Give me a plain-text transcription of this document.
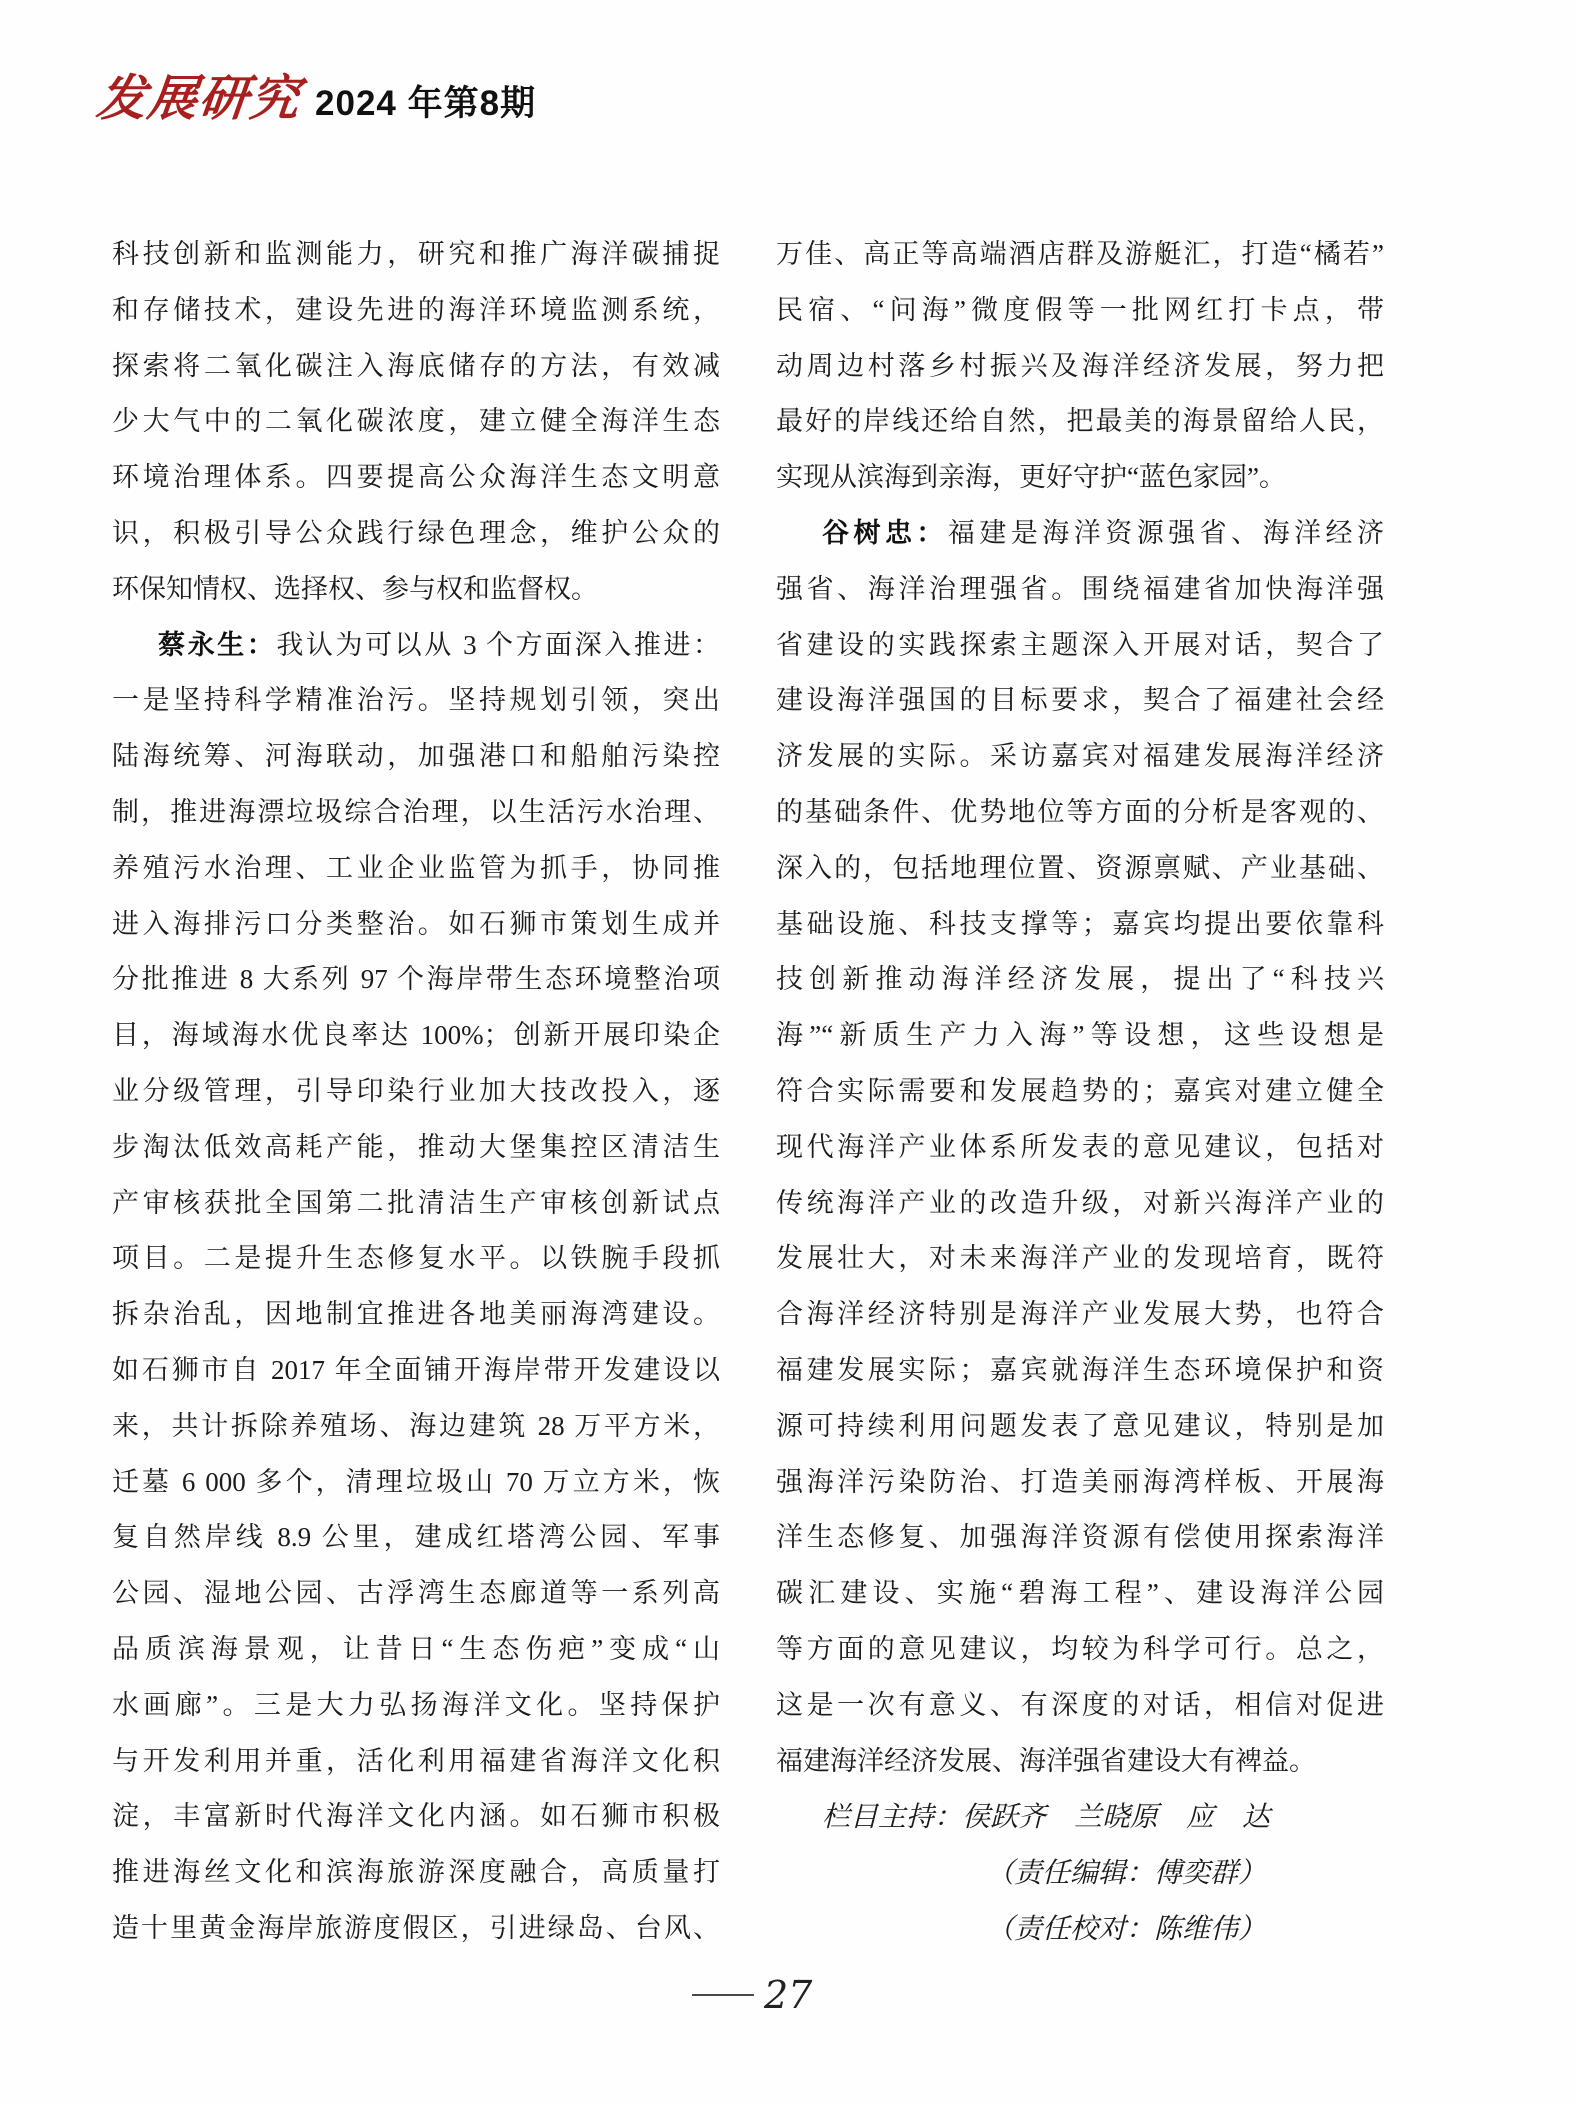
发展研究 2024 年第8期
科技创新和监测能力，研究和推广海洋碳捕捉
和存储技术，建设先进的海洋环境监测系统，
探索将二氧化碳注入海底储存的方法，有效减
少大气中的二氧化碳浓度，建立健全海洋生态
环境治理体系。四要提高公众海洋生态文明意
识，积极引导公众践行绿色理念，维护公众的
环保知情权、选择权、参与权和监督权。
蔡永生：我认为可以从 3 个方面深入推进：
一是坚持科学精准治污。坚持规划引领，突出
陆海统筹、河海联动，加强港口和船舶污染控
制，推进海漂垃圾综合治理，以生活污水治理、
养殖污水治理、工业企业监管为抓手，协同推
进入海排污口分类整治。如石狮市策划生成并
分批推进 8 大系列 97 个海岸带生态环境整治项
目，海域海水优良率达 100%；创新开展印染企
业分级管理，引导印染行业加大技改投入，逐
步淘汰低效高耗产能，推动大堡集控区清洁生
产审核获批全国第二批清洁生产审核创新试点
项目。二是提升生态修复水平。以铁腕手段抓
拆杂治乱，因地制宜推进各地美丽海湾建设。
如石狮市自 2017 年全面铺开海岸带开发建设以
来，共计拆除养殖场、海边建筑 28 万平方米，
迁墓 6 000 多个，清理垃圾山 70 万立方米，恢
复自然岸线 8.9 公里，建成红塔湾公园、军事
公园、湿地公园、古浮湾生态廊道等一系列高
品质滨海景观，让昔日“生态伤疤”变成“山
水画廊”。三是大力弘扬海洋文化。坚持保护
与开发利用并重，活化利用福建省海洋文化积
淀，丰富新时代海洋文化内涵。如石狮市积极
推进海丝文化和滨海旅游深度融合，高质量打
造十里黄金海岸旅游度假区，引进绿岛、台风、
万佳、高正等高端酒店群及游艇汇，打造“橘若”
民宿、“问海”微度假等一批网红打卡点，带
动周边村落乡村振兴及海洋经济发展，努力把
最好的岸线还给自然，把最美的海景留给人民，
实现从滨海到亲海，更好守护“蓝色家园”。
谷树忠：福建是海洋资源强省、海洋经济
强省、海洋治理强省。围绕福建省加快海洋强
省建设的实践探索主题深入开展对话，契合了
建设海洋强国的目标要求，契合了福建社会经
济发展的实际。采访嘉宾对福建发展海洋经济
的基础条件、优势地位等方面的分析是客观的、
深入的，包括地理位置、资源禀赋、产业基础、
基础设施、科技支撑等；嘉宾均提出要依靠科
技创新推动海洋经济发展，提出了“科技兴
海”“新质生产力入海”等设想，这些设想是
符合实际需要和发展趋势的；嘉宾对建立健全
现代海洋产业体系所发表的意见建议，包括对
传统海洋产业的改造升级，对新兴海洋产业的
发展壮大，对未来海洋产业的发现培育，既符
合海洋经济特别是海洋产业发展大势，也符合
福建发展实际；嘉宾就海洋生态环境保护和资
源可持续利用问题发表了意见建议，特别是加
强海洋污染防治、打造美丽海湾样板、开展海
洋生态修复、加强海洋资源有偿使用探索海洋
碳汇建设、实施“碧海工程”、建设海洋公园
等方面的意见建议，均较为科学可行。总之，
这是一次有意义、有深度的对话，相信对促进
福建海洋经济发展、海洋强省建设大有裨益。
栏目主持：侯跃齐　兰晓原　应　达
（责任编辑：傅奕群）
（责任校对：陈维伟）
27
